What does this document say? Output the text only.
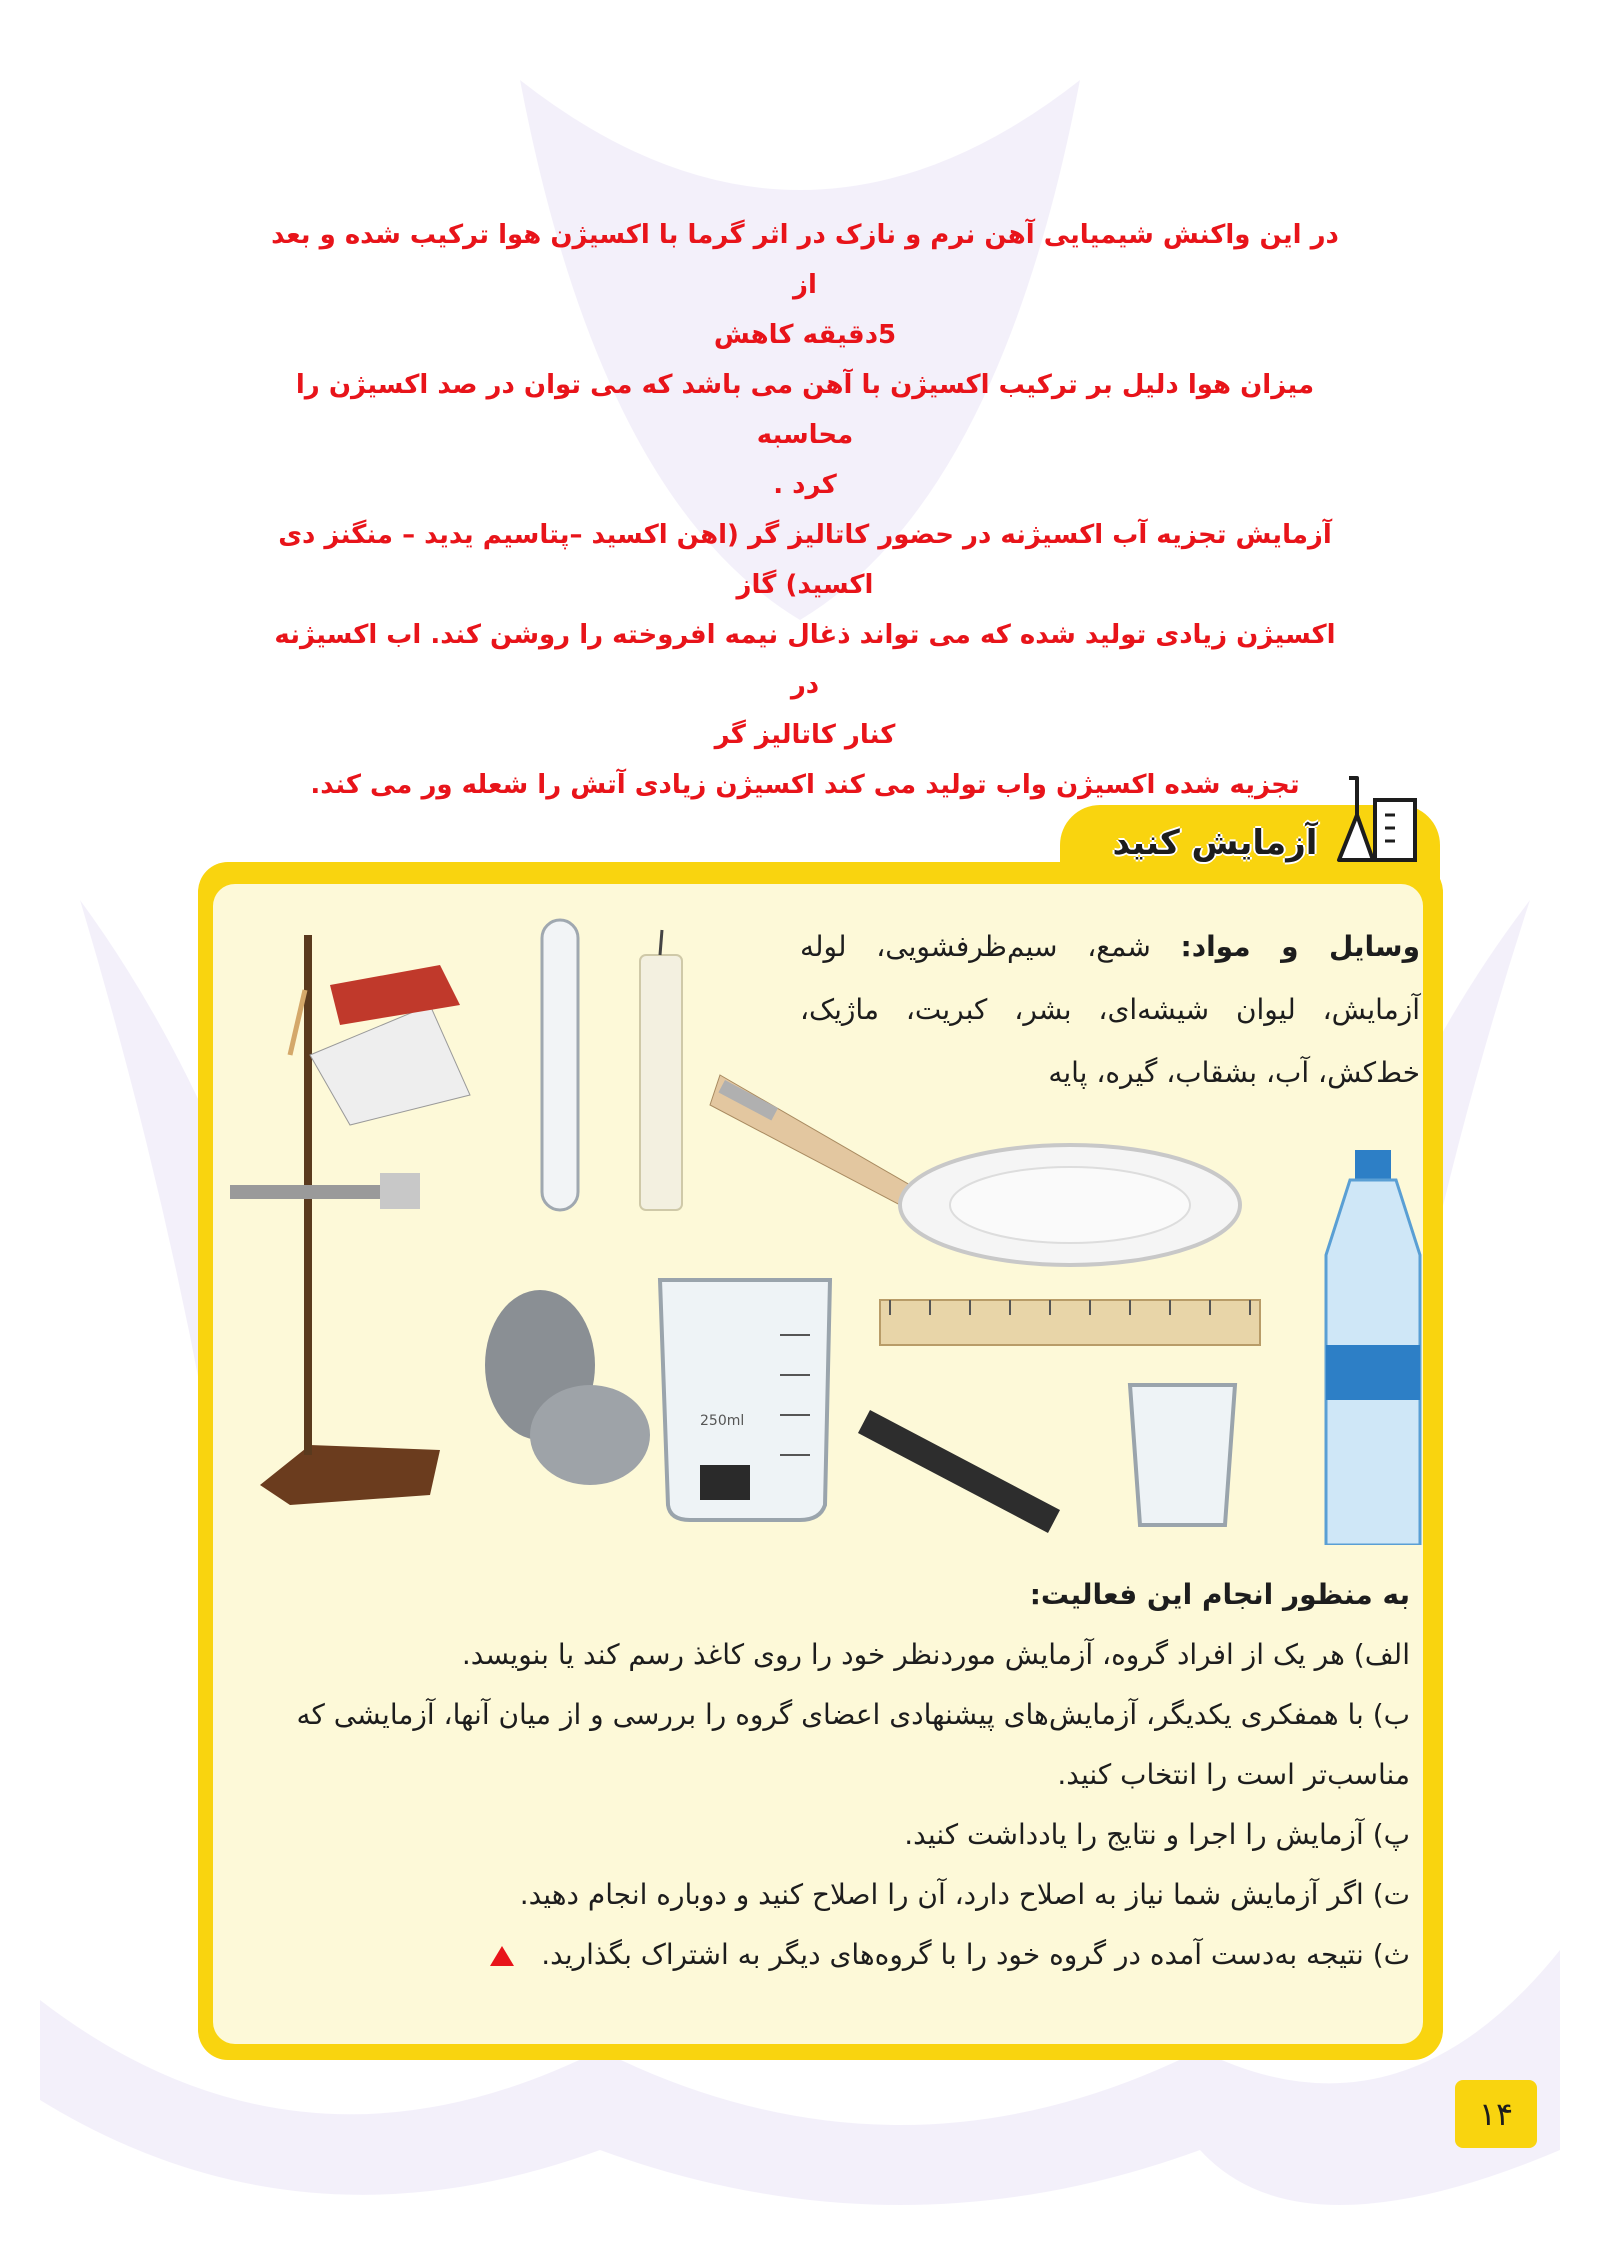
در این واکنش شیمیایی آهن نرم و نازک در اثر گرما با اکسیژن هوا ترکیب شده و بعد از
5دقیقه کاهش
میزان هوا دلیل بر ترکیب اکسیژن با آهن می باشد که می توان در صد اکسیژن را محاسبه
کرد .
آزمایش تجزیه آب اکسیژنه در حضور کاتالیز گر (اهن اکسید –پتاسیم یدید – منگنز دی
اکسید) گاز
اکسیژن زیادی تولید شده که می تواند ذغال نیمه افروخته را روشن کند. اب اکسیژنه در
کنار کاتالیز گر
تجزیه شده اکسیژن واب تولید می کند اکسیژن زیادی آتش را شعله ور می کند.
آزمایش کنید
وسایل و مواد: شمع، سیم‌ظرفشویی، لوله آزمایش، لیوان شیشه‌ای، بشر، کبریت، ماژیک، خط‌کش، آب، بشقاب، گیره، پایه
250ml
به منظور انجام این فعالیت:
الف) هر یک از افراد گروه، آزمایش موردنظر خود را روی کاغذ رسم کند یا بنویسد.
ب) با همفکری یکدیگر، آزمایش‌های پیشنهادی اعضای گروه را بررسی و از میان آنها، آزمایشی که مناسب‌تر است را انتخاب کنید.
پ) آزمایش را اجرا و نتایج را یادداشت کنید.
ت) اگر آزمایش شما نیاز به اصلاح دارد، آن را اصلاح کنید و دوباره انجام دهید.
ث) نتیجه به‌دست آمده در گروه خود را با گروه‌های دیگر به اشتراک بگذارید.
۱۴
